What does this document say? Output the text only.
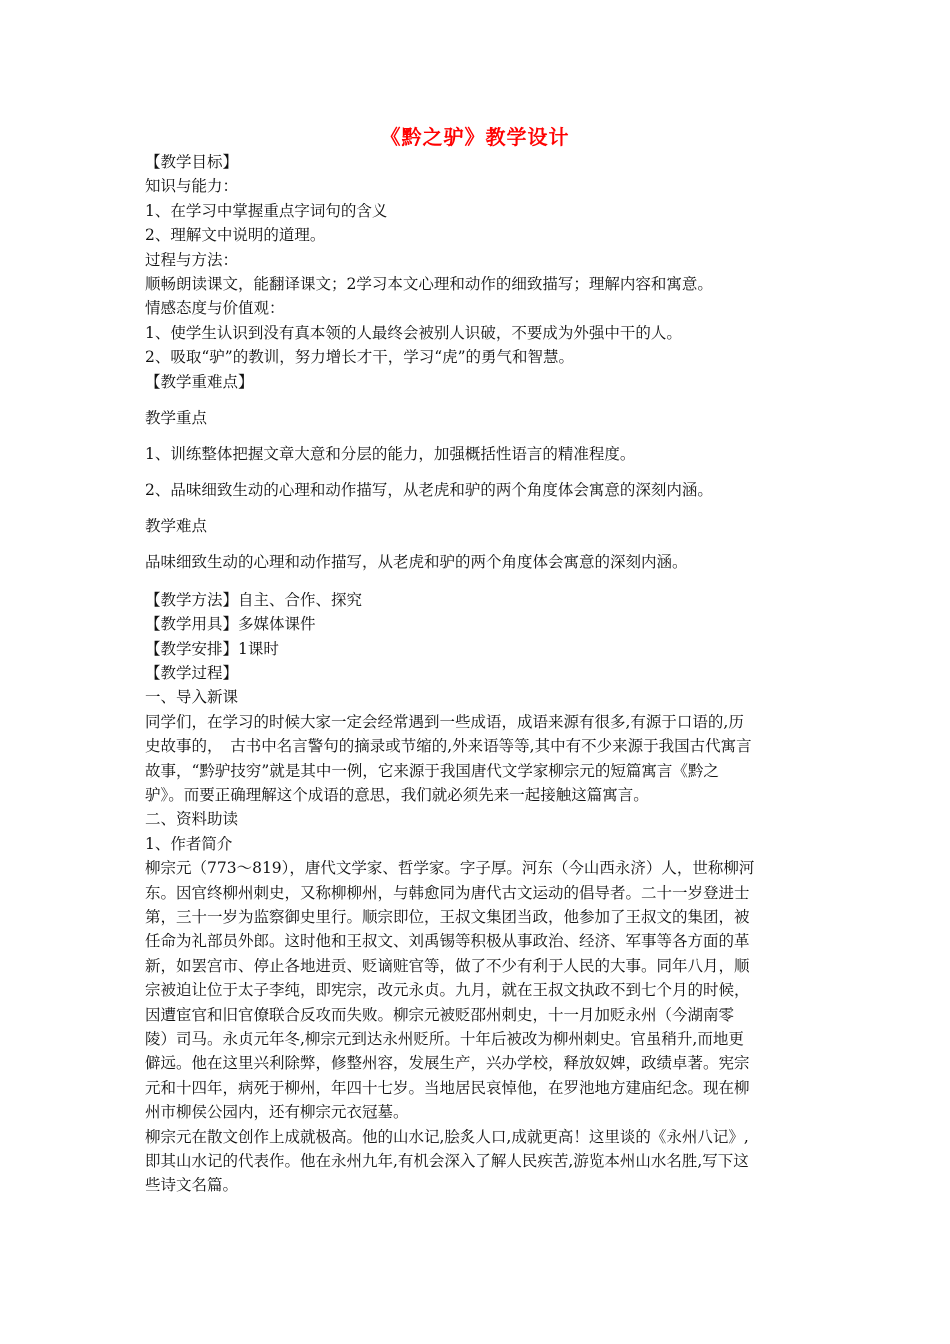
《黔之驴》教学设计
【教学目标】
知识与能力：
1、在学习中掌握重点字词句的含义
2、理解文中说明的道理。
过程与方法：
顺畅朗读课文，能翻译课文；2学习本文心理和动作的细致描写；理解内容和寓意。
情感态度与价值观：
1、使学生认识到没有真本领的人最终会被别人识破，不要成为外强中干的人。
2、吸取“驴”的教训，努力增长才干，学习“虎”的勇气和智慧。
【教学重难点】
教学重点
1、训练整体把握文章大意和分层的能力，加强概括性语言的精准程度。
2、品味细致生动的心理和动作描写，从老虎和驴的两个角度体会寓意的深刻内涵。
教学难点
品味细致生动的心理和动作描写，从老虎和驴的两个角度体会寓意的深刻内涵。
【教学方法】自主、合作、探究
【教学用具】多媒体课件
【教学安排】1课时
【教学过程】
一、导入新课
同学们，在学习的时候大家一定会经常遇到一些成语，成语来源有很多,有源于口语的,历
史故事的，　古书中名言警句的摘录或节缩的,外来语等等,其中有不少来源于我国古代寓言
故事，“黔驴技穷”就是其中一例，它来源于我国唐代文学家柳宗元的短篇寓言《黔之
驴》。而要正确理解这个成语的意思，我们就必须先来一起接触这篇寓言。
二、资料助读
1、作者简介
柳宗元（773～819），唐代文学家、哲学家。字子厚。河东（今山西永济）人，世称柳河
东。因官终柳州刺史，又称柳柳州，与韩愈同为唐代古文运动的倡导者。二十一岁登进士
第，三十一岁为监察御史里行。顺宗即位，王叔文集团当政，他参加了王叔文的集团，被
任命为礼部员外郎。这时他和王叔文、刘禹锡等积极从事政治、经济、军事等各方面的革
新，如罢宫市、停止各地进贡、贬谪赃官等，做了不少有利于人民的大事。同年八月，顺
宗被迫让位于太子李纯，即宪宗，改元永贞。九月，就在王叔文执政不到七个月的时候，
因遭宦官和旧官僚联合反攻而失败。柳宗元被贬邵州刺史，十一月加贬永州（今湖南零
陵）司马。永贞元年冬,柳宗元到达永州贬所。十年后被改为柳州刺史。官虽稍升,而地更
僻远。他在这里兴利除弊，修整州容，发展生产，兴办学校，释放奴婢，政绩卓著。宪宗
元和十四年，病死于柳州，年四十七岁。当地居民哀悼他，在罗池地方建庙纪念。现在柳
州市柳侯公园内，还有柳宗元衣冠墓。
柳宗元在散文创作上成就极高。他的山水记,脍炙人口,成就更高！这里谈的《永州八记》,
即其山水记的代表作。他在永州九年,有机会深入了解人民疾苦,游览本州山水名胜,写下这
些诗文名篇。
